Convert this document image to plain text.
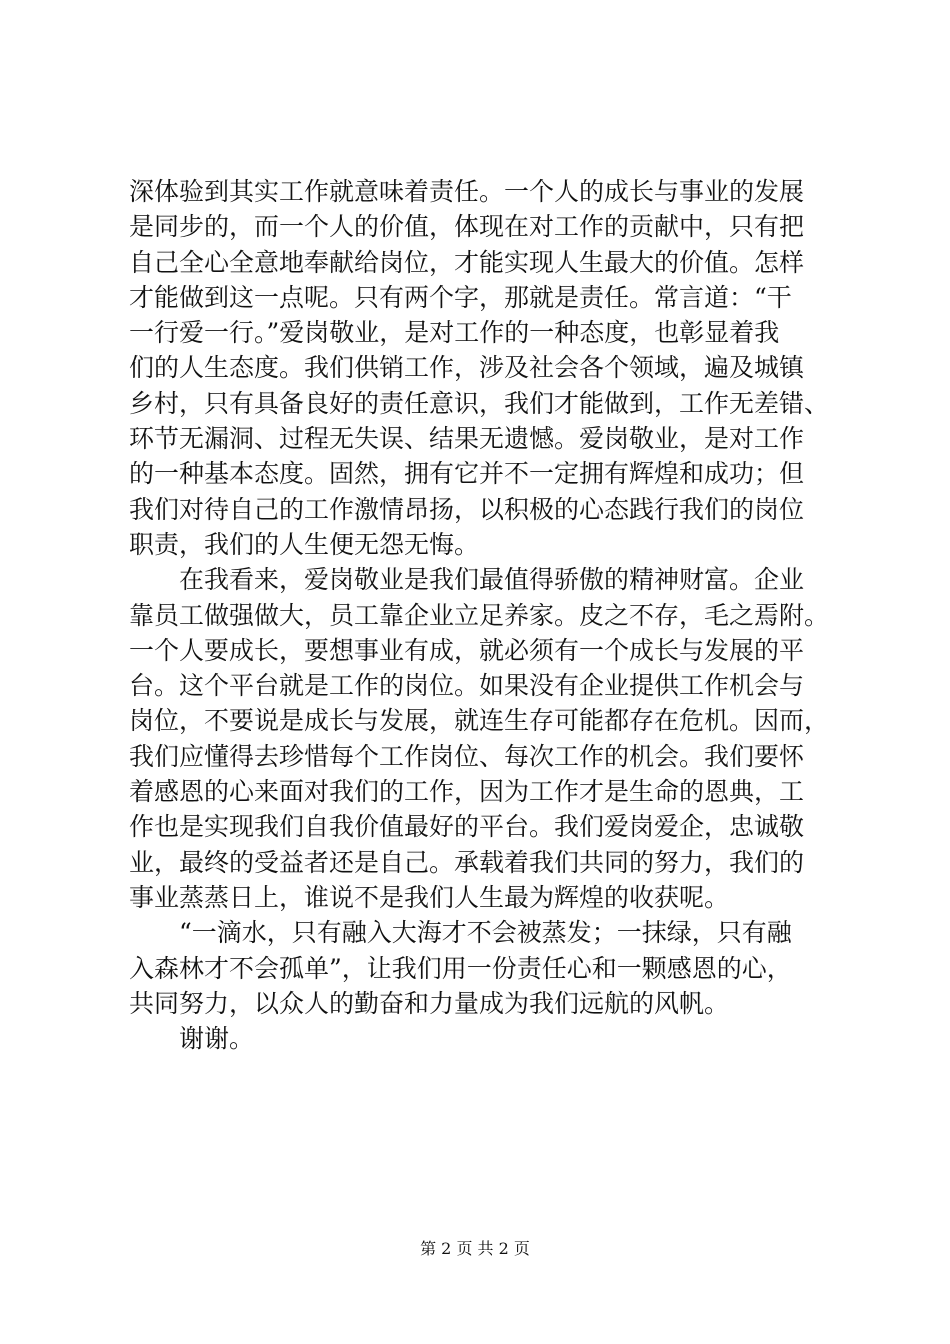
深体验到其实工作就意味着责任。一个人的成长与事业的发展
是同步的，而一个人的价值，体现在对工作的贡献中，只有把
自己全心全意地奉献给岗位，才能实现人生最大的价值。怎样
才能做到这一点呢。只有两个字，那就是责任。常言道：“干
一行爱一行。”爱岗敬业，是对工作的一种态度，也彰显着我
们的人生态度。我们供销工作，涉及社会各个领域，遍及城镇
乡村，只有具备良好的责任意识，我们才能做到，工作无差错、
环节无漏洞、过程无失误、结果无遗憾。爱岗敬业，是对工作
的一种基本态度。固然，拥有它并不一定拥有辉煌和成功；但
我们对待自己的工作激情昂扬，以积极的心态践行我们的岗位
职责，我们的人生便无怨无悔。
在我看来，爱岗敬业是我们最值得骄傲的精神财富。企业
靠员工做强做大，员工靠企业立足养家。皮之不存，毛之焉附。
一个人要成长，要想事业有成，就必须有一个成长与发展的平
台。这个平台就是工作的岗位。如果没有企业提供工作机会与
岗位，不要说是成长与发展，就连生存可能都存在危机。因而，
我们应懂得去珍惜每个工作岗位、每次工作的机会。我们要怀
着感恩的心来面对我们的工作，因为工作才是生命的恩典，工
作也是实现我们自我价值最好的平台。我们爱岗爱企，忠诚敬
业，最终的受益者还是自己。承载着我们共同的努力，我们的
事业蒸蒸日上，谁说不是我们人生最为辉煌的收获呢。
“一滴水，只有融入大海才不会被蒸发；一抹绿，只有融
入森林才不会孤单”，让我们用一份责任心和一颗感恩的心，
共同努力，以众人的勤奋和力量成为我们远航的风帆。
谢谢。
第 2 页 共 2 页
